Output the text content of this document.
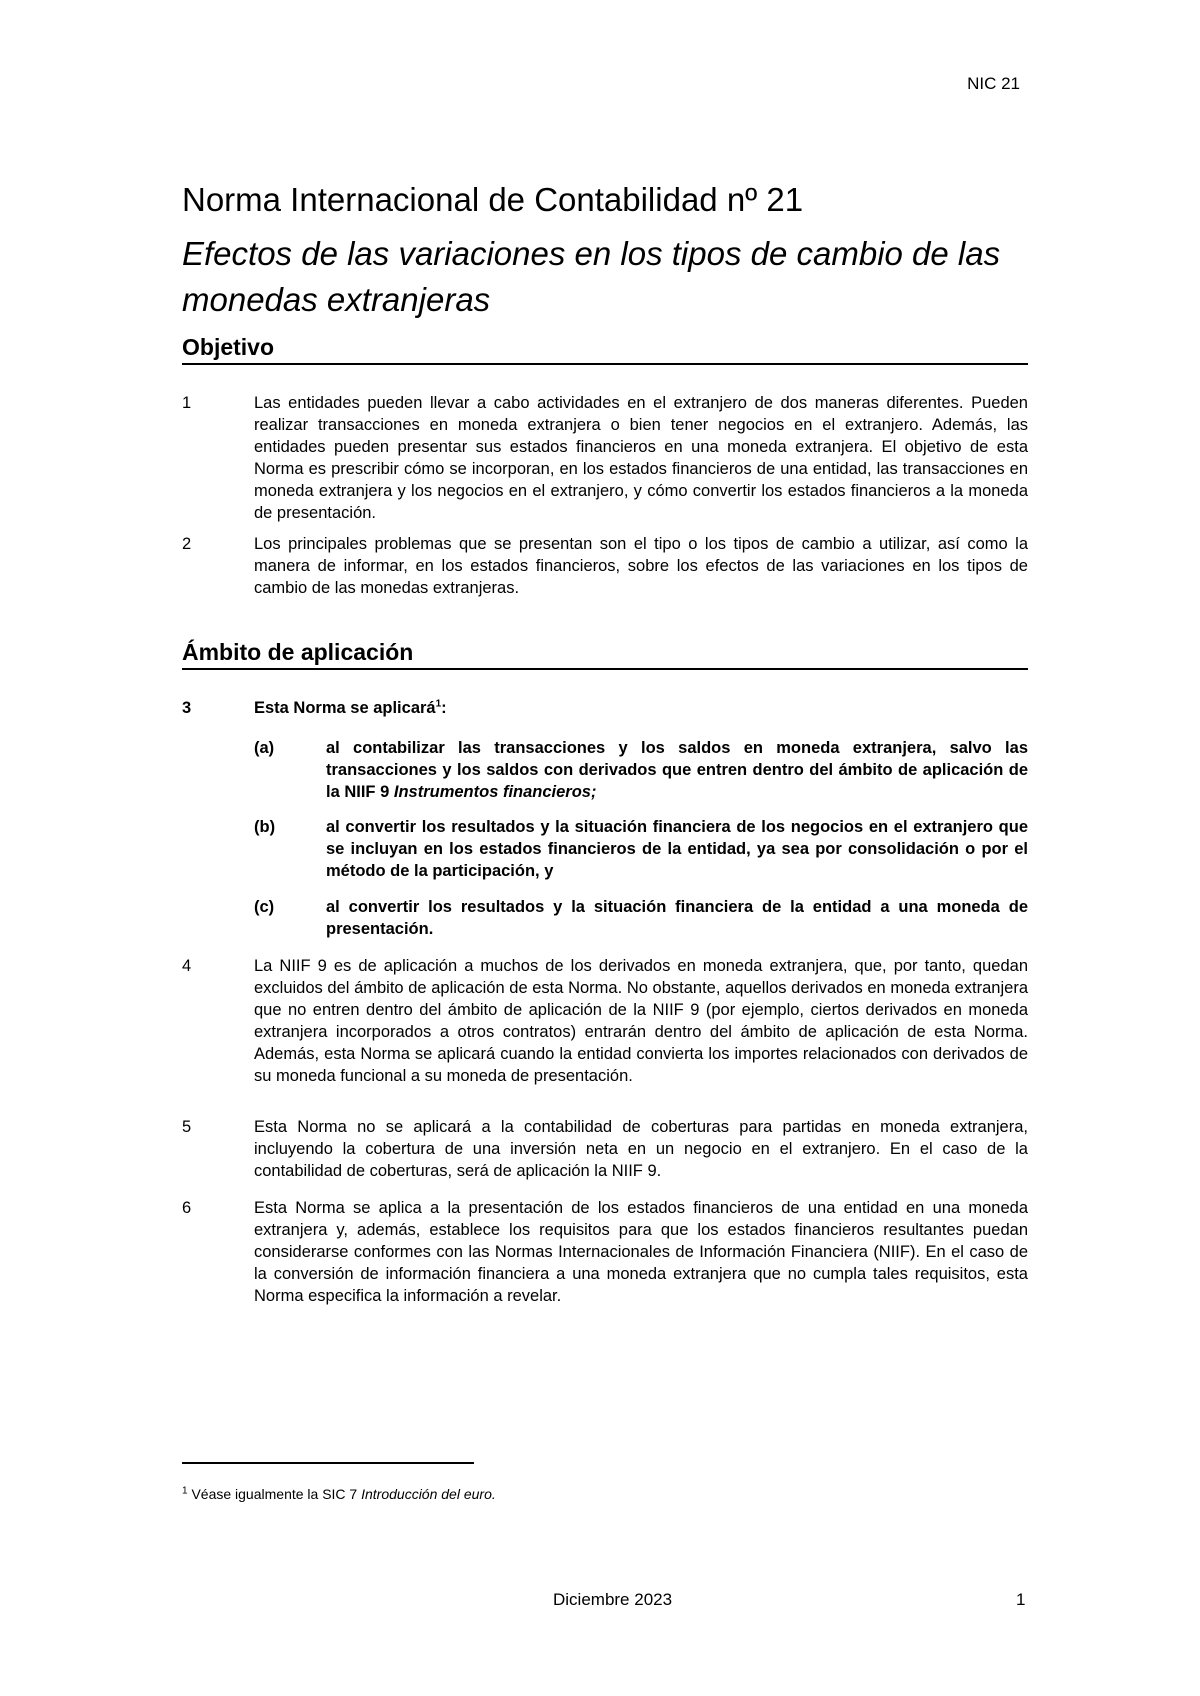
NIC 21
Norma Internacional de Contabilidad nº 21
Efectos de las variaciones en los tipos de cambio de las monedas extranjeras
Objetivo
1	Las entidades pueden llevar a cabo actividades en el extranjero de dos maneras diferentes. Pueden realizar transacciones en moneda extranjera o bien tener negocios en el extranjero. Además, las entidades pueden presentar sus estados financieros en una moneda extranjera. El objetivo de esta Norma es prescribir cómo se incorporan, en los estados financieros de una entidad, las transacciones en moneda extranjera y los negocios en el extranjero, y cómo convertir los estados financieros a la moneda de presentación.
2	Los principales problemas que se presentan son el tipo o los tipos de cambio a utilizar, así como la manera de informar, en los estados financieros, sobre los efectos de las variaciones en los tipos de cambio de las monedas extranjeras.
Ámbito de aplicación
3	Esta Norma se aplicará$^1$:
(a)	al contabilizar las transacciones y los saldos en moneda extranjera, salvo las transacciones y los saldos con derivados que entren dentro del ámbito de aplicación de la NIIF 9 Instrumentos financieros;
(b)	al convertir los resultados y la situación financiera de los negocios en el extranjero que se incluyan en los estados financieros de la entidad, ya sea por consolidación o por el método de la participación, y
(c)	al convertir los resultados y la situación financiera de la entidad a una moneda de presentación.
4	La NIIF 9 es de aplicación a muchos de los derivados en moneda extranjera, que, por tanto, quedan excluidos del ámbito de aplicación de esta Norma. No obstante, aquellos derivados en moneda extranjera que no entren dentro del ámbito de aplicación de la NIIF 9 (por ejemplo, ciertos derivados en moneda extranjera incorporados a otros contratos) entrarán dentro del ámbito de aplicación de esta Norma. Además, esta Norma se aplicará cuando la entidad convierta los importes relacionados con derivados de su moneda funcional a su moneda de presentación.
5	Esta Norma no se aplicará a la contabilidad de coberturas para partidas en moneda extranjera, incluyendo la cobertura de una inversión neta en un negocio en el extranjero. En el caso de la contabilidad de coberturas, será de aplicación la NIIF 9.
6	Esta Norma se aplica a la presentación de los estados financieros de una entidad en una moneda extranjera y, además, establece los requisitos para que los estados financieros resultantes puedan considerarse conformes con las Normas Internacionales de Información Financiera (NIIF). En el caso de la conversión de información financiera a una moneda extranjera que no cumpla tales requisitos, esta Norma especifica la información a revelar.
$^1$ Véase igualmente la SIC 7 Introducción del euro.
Diciembre 2023	1
